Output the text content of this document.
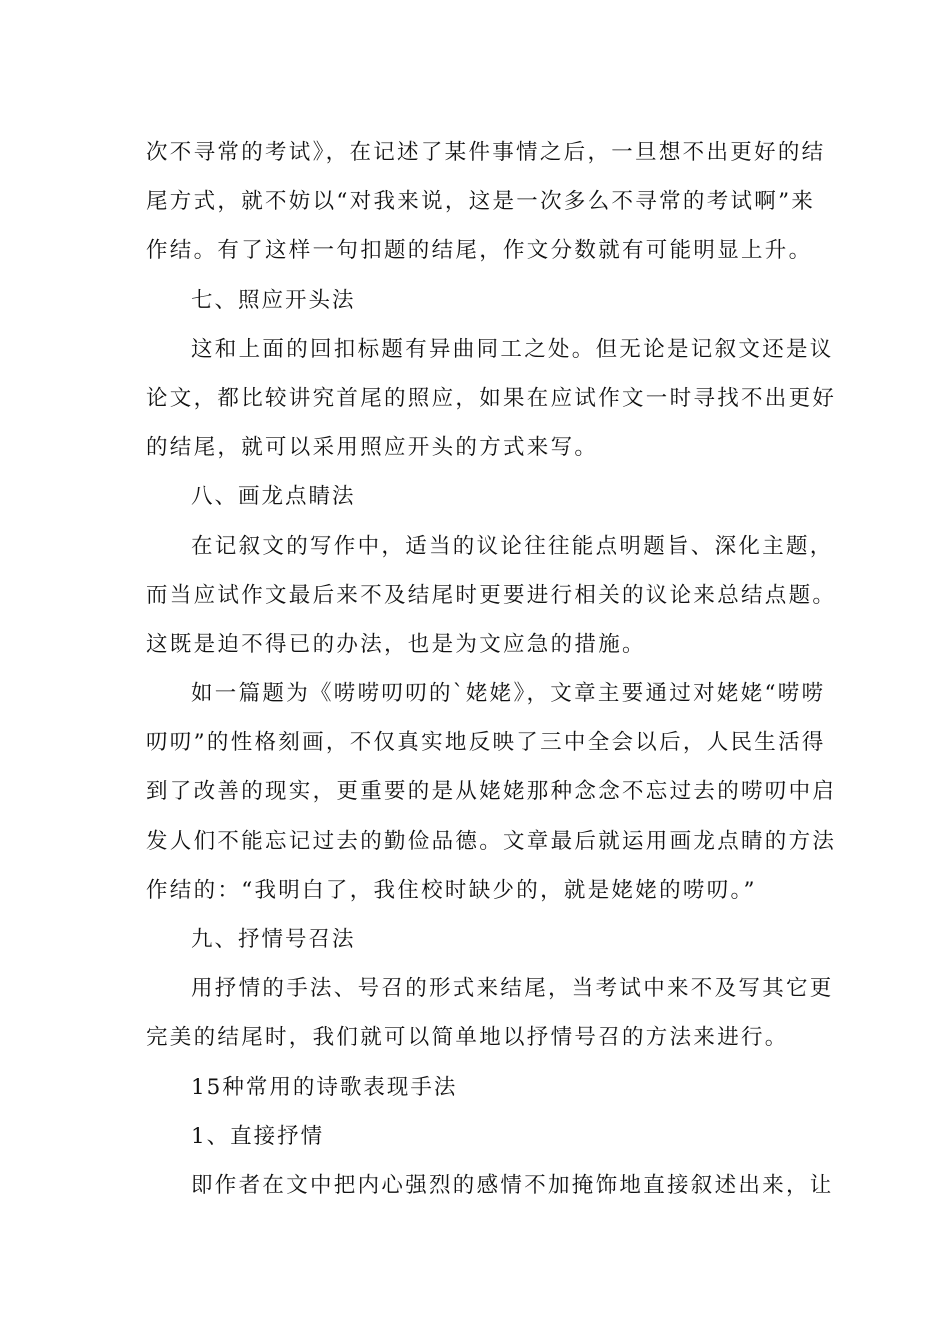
次不寻常的考试》，在记述了某件事情之后，一旦想不出更好的结
尾方式，就不妨以“对我来说，这是一次多么不寻常的考试啊”来
作结。有了这样一句扣题的结尾，作文分数就有可能明显上升。
七、照应开头法
这和上面的回扣标题有异曲同工之处。但无论是记叙文还是议
论文，都比较讲究首尾的照应，如果在应试作文一时寻找不出更好
的结尾，就可以采用照应开头的方式来写。
八、画龙点睛法
在记叙文的写作中，适当的议论往往能点明题旨、深化主题，
而当应试作文最后来不及结尾时更要进行相关的议论来总结点题。
这既是迫不得已的办法，也是为文应急的措施。
如一篇题为《唠唠叨叨的`姥姥》，文章主要通过对姥姥“唠唠
叨叨”的性格刻画，不仅真实地反映了三中全会以后，人民生活得
到了改善的现实，更重要的是从姥姥那种念念不忘过去的唠叨中启
发人们不能忘记过去的勤俭品德。文章最后就运用画龙点睛的方法
作结的：“我明白了，我住校时缺少的，就是姥姥的唠叨。”
九、抒情号召法
用抒情的手法、号召的形式来结尾，当考试中来不及写其它更
完美的结尾时，我们就可以简单地以抒情号召的方法来进行。
15种常用的诗歌表现手法
1、直接抒情
即作者在文中把内心强烈的感情不加掩饰地直接叙述出来，让
